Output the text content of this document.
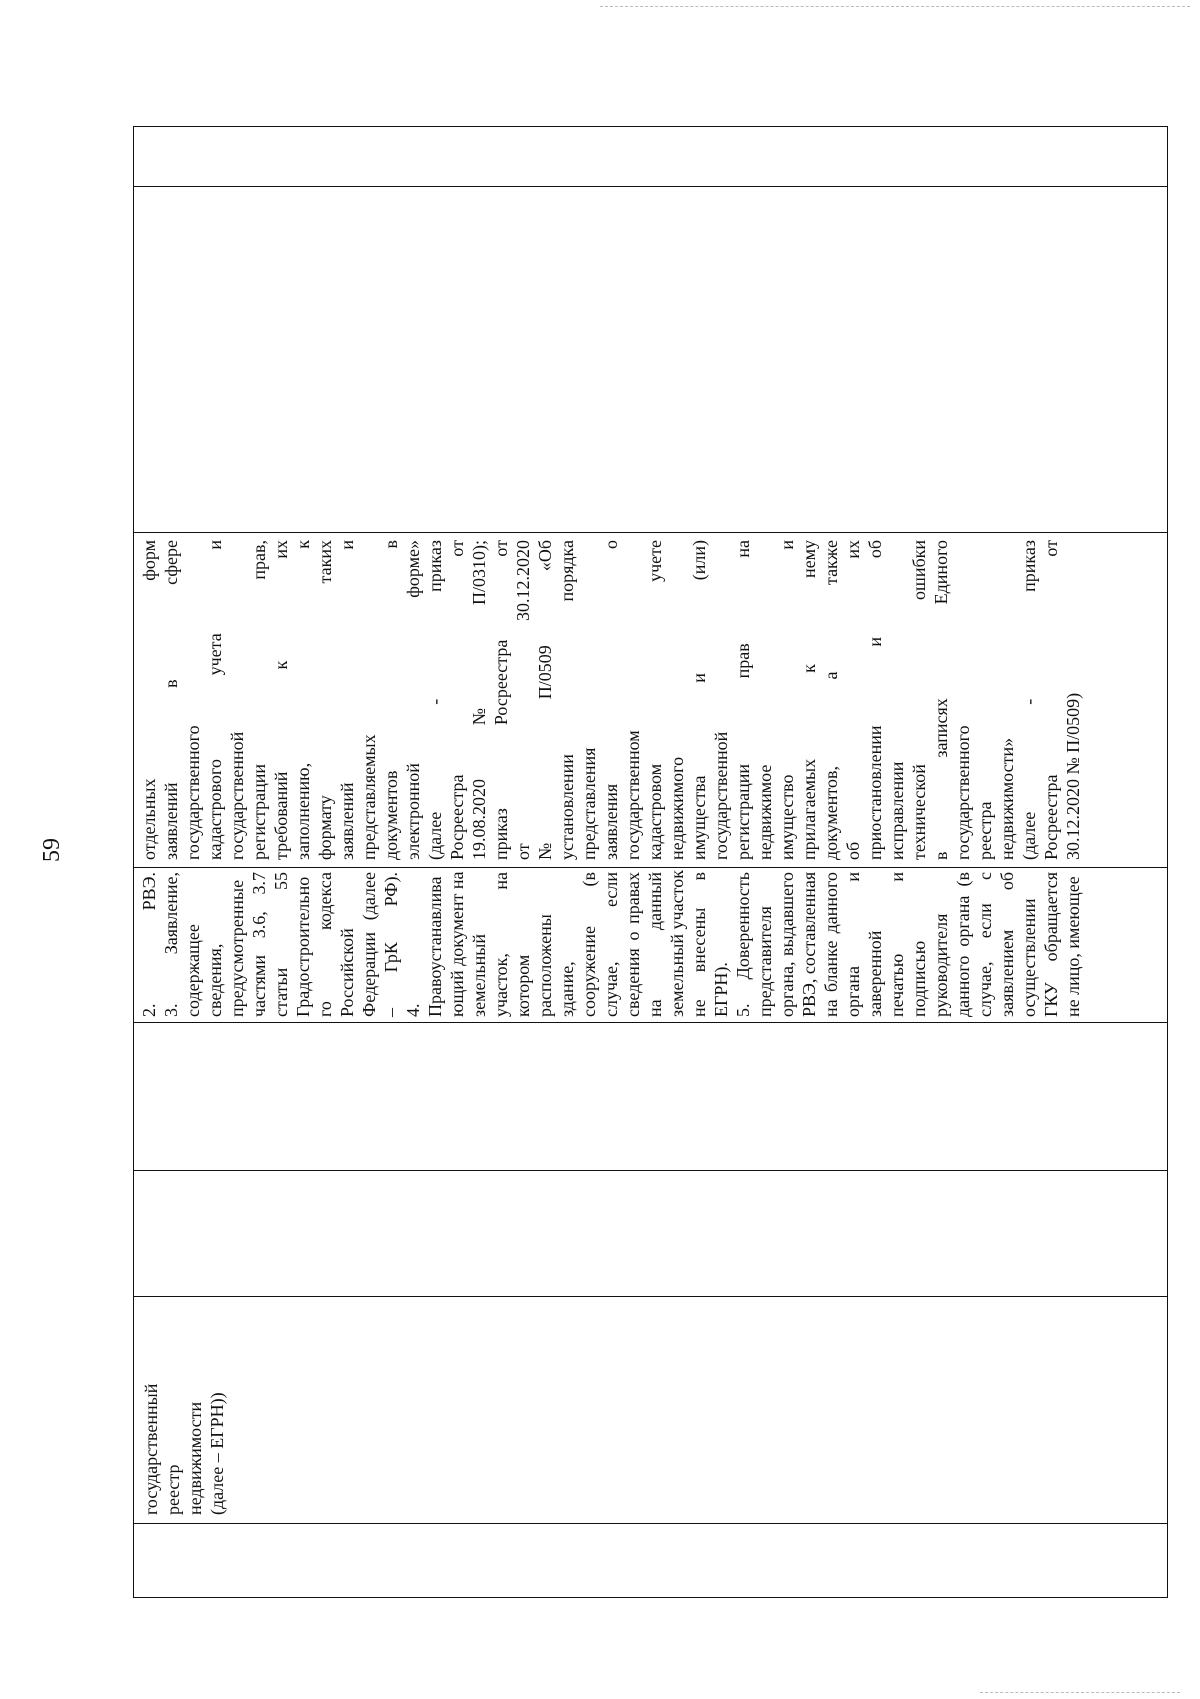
59
государственный реестр недвижимости (далее – ЕГРН))
2. РВЭ. 3. Заявление, содержащее сведения, предусмотренные частями 3.6, 3.7 статьи 55 Градостроительно го кодекса Российской Федерации (далее – ГрК РФ). 4. Правоустанавлива ющий документ на земельный участок, на котором расположены здание, сооружение (в случае, если сведения о правах на данный земельный участок не внесены в ЕГРН). 5. Доверенность представителя органа, выдавшего РВЭ, составленная на бланке данного органа и заверенной печатью и подписью руководителя данного органа (в случае, если с заявлением об осуществлении ГКУ обращается не лицо, имеющее
отдельных форм заявлений в сфере государственного кадастрового учета и государственной регистрации прав, требований к их заполнению, к формату таких заявлений и представляемых документов в электронной форме» (далее - приказ Росреестра от 19.08.2020 № П/0310); приказ Росреестра от от 30.12.2020 № П/0509 «Об установлении порядка представления заявления о государственном кадастровом учете недвижимого имущества и (или) государственной регистрации прав на недвижимое имущество и прилагаемых к нему документов, а также об их приостановлении и об исправлении технической ошибки в записях Единого государственного реестра недвижимости» (далее - приказ Росреестра от 30.12.2020 № П/0509)
